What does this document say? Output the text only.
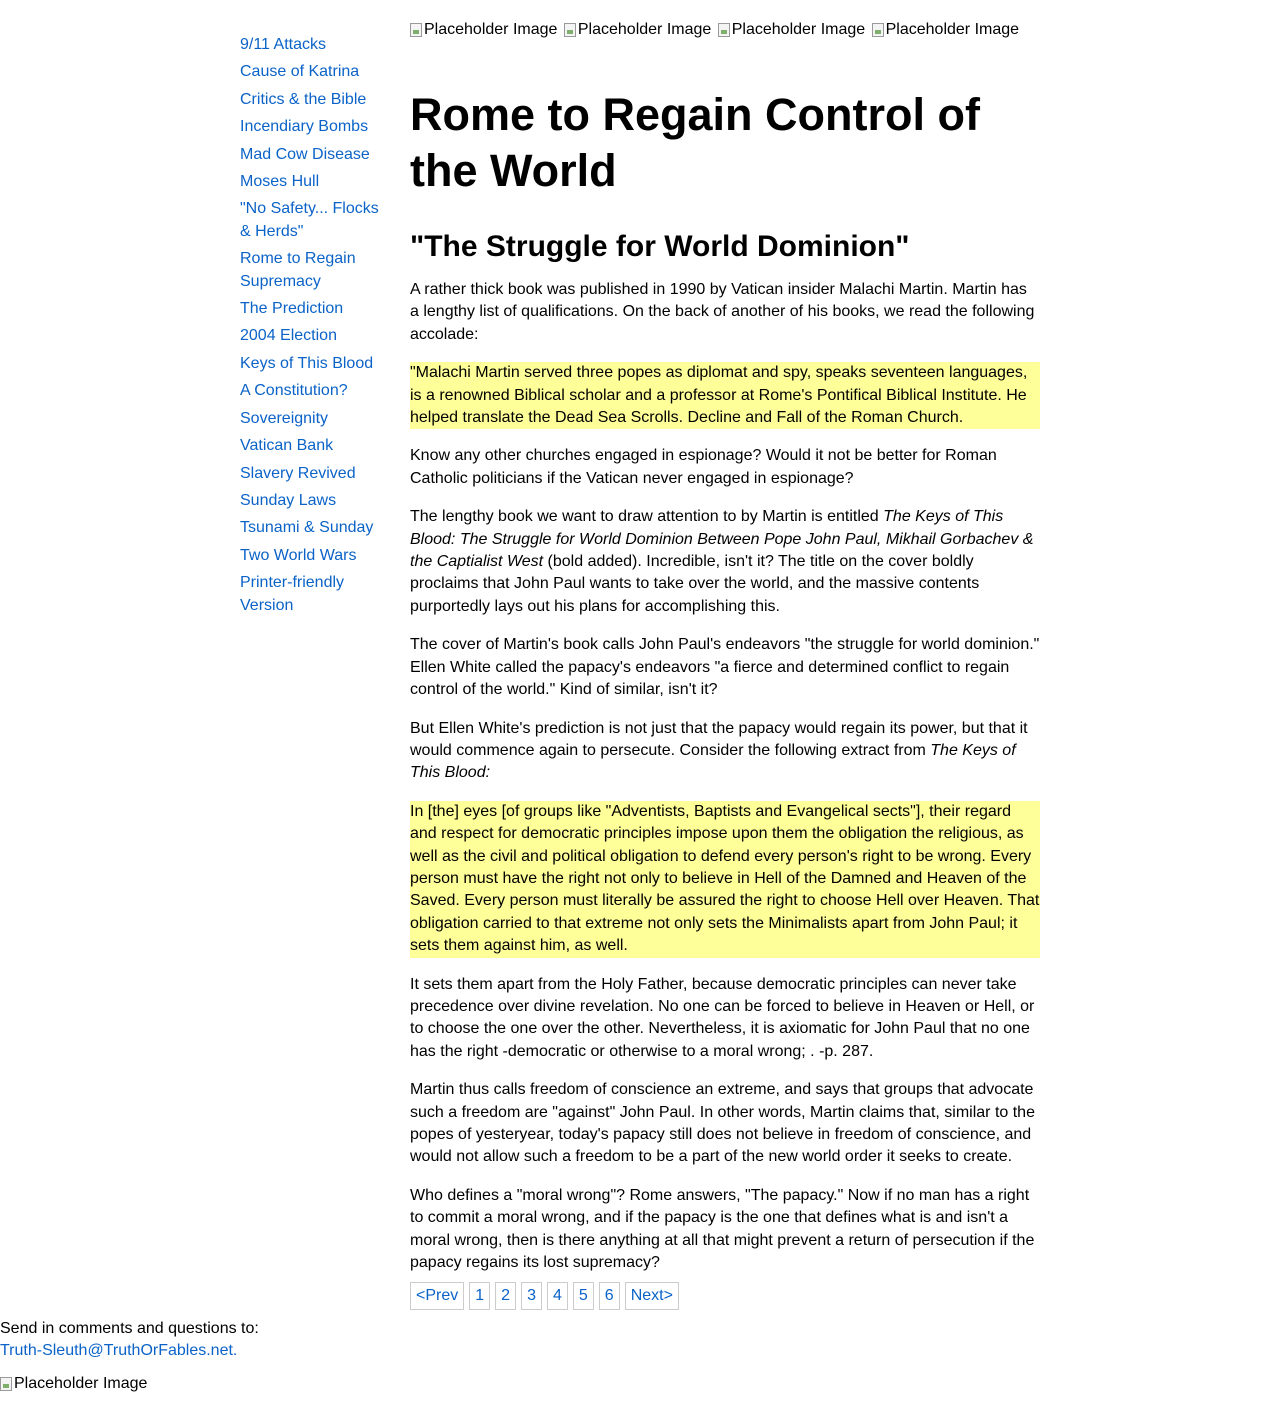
9/11 Attacks
Cause of Katrina
Critics & the Bible
Incendiary Bombs
Mad Cow Disease
Moses Hull
"No Safety... Flocks & Herds"
Rome to Regain Supremacy
The Prediction
2004 Election
Keys of This Blood
A Constitution?
Sovereignity
Vatican Bank
Slavery Revived
Sunday Laws
Tsunami & Sunday
Two World Wars
Printer-friendly Version
Placeholder Image
Placeholder Image
Placeholder Image
Placeholder Image
Rome to Regain Control of the World
"The Struggle for World Dominion"

A rather thick book was published in 1990 by Vatican insider Malachi Martin. Martin has a lengthy list of qualifications. On the back of another of his books, we read the following accolade:

"Malachi Martin served three popes as diplomat and spy, speaks seventeen languages, is a renowned Biblical scholar and a professor at Rome's Pontifical Biblical Institute. He helped translate the Dead Sea Scrolls. Decline and Fall of the Roman Church.

Know any other churches engaged in espionage? Would it not be better for Roman Catholic politicians if the Vatican never engaged in espionage?

The lengthy book we want to draw attention to by Martin is entitled The Keys of This Blood: The Struggle for World Dominion Between Pope John Paul, Mikhail Gorbachev & the Captialist West (bold added). Incredible, isn't it? The title on the cover boldly proclaims that John Paul wants to take over the world, and the massive contents purportedly lays out his plans for accomplishing this.

The cover of Martin's book calls John Paul's endeavors "the struggle for world dominion." Ellen White called the papacy's endeavors "a fierce and determined conflict to regain control of the world." Kind of similar, isn't it?

But Ellen White's prediction is not just that the papacy would regain its power, but that it would commence again to persecute. Consider the following extract from The Keys of This Blood:

In [the] eyes [of groups like "Adventists, Baptists and Evangelical sects"], their regard and respect for democratic principles impose upon them the obligation the religious, as well as the civil and political obligation to defend every person's right to be wrong. Every person must have the right not only to believe in Hell of the Damned and Heaven of the Saved. Every person must literally be assured the right to choose Hell over Heaven. That obligation carried to that extreme not only sets the Minimalists apart from John Paul; it sets them against him, as well.

It sets them apart from the Holy Father, because democratic principles can never take precedence over divine revelation. No one can be forced to believe in Heaven or Hell, or to choose the one over the other. Nevertheless, it is axiomatic for John Paul that no one has the right -democratic or otherwise to a moral wrong; . -p. 287.

Martin thus calls freedom of conscience an extreme, and says that groups that advocate such a freedom are "against" John Paul. In other words, Martin claims that, similar to the popes of yesteryear, today's papacy still does not believe in freedom of conscience, and would not allow such a freedom to be a part of the new world order it seeks to create.

Who defines a "moral wrong"? Rome answers, "The papacy." Now if no man has a right to commit a moral wrong, and if the papacy is the one that defines what is and isn't a moral wrong, then is there anything at all that might prevent a return of persecution if the papacy regains its lost supremacy?

<Prev	1	2	3	4	5	6	Next>
Send in comments and questions to:
Truth-Sleuth@TruthOrFables.net.
Placeholder Image
